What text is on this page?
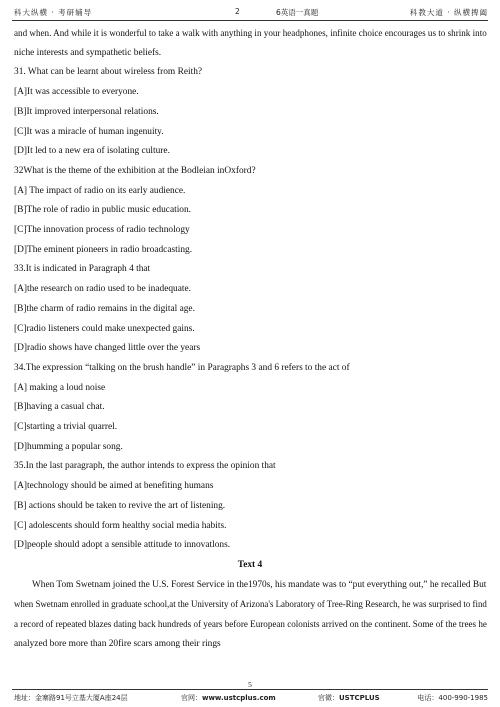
科大纵横 · 考研辅导	2	6英语一真题	科教大道 · 纵横捭阖

and when. And while it is wonderful to take a walk with anything in your headphones, infinite choice encourages us to shrink into

niche interests and sympathetic beliefs.

31. What can be learnt about wireless from Reith?

[A]It was accessible to everyone.

[B]It improved interpersonal relations.

[C]It was a miracle of human ingenuity.

[D]It led to a new era of isolating culture.

32What is the theme of the exhibition at the Bodleian inOxford?

[A] The impact of radio on its early audience.

[B]The role of radio in public music education.

[C]The innovation process of radio technology

[D]The eminent pioneers in radio broadcasting.

33.It is indicated in Paragraph 4 that

[A]the research on radio used to be inadequate.

[B]the charm of radio remains in the digital age.

[C]radio listeners could make unexpected gains.

[D]radio shows have changed little over the years

34.The expression “talking on the brush handle” in Paragraphs 3 and 6 refers to the act of

[A] making a loud noise

[B]having a casual chat.

[C]starting a trivial quarrel.

[D]humming a popular song.

35.In the last paragraph, the author intends to express the opinion that

[A]technology should be aimed at benefiting humans

[B] actions should be taken to revive the art of listening.

[C] adolescents should form healthy social media habits.

[D]people should adopt a sensible attitude to innovatlons.

Text 4

When Tom Swetnam joined the U.S. Forest Service in the1970s, his mandate was to “put everything out,” he recalled But

when Swetnam enrolled in graduate school,at the University of Arizona's Laboratory of Tree-Ring Research, he was surprised to find

a record of repeated blazes dating back hundreds of years before European colonists arrived on the continent. Some of the trees he

analyzed bore more than 20fire scars among their rings

5
地址：金寨路91号立基大厦A座24层	官网：www.ustcplus.com	官微：USTCPLUS	电话：400-990-1985
